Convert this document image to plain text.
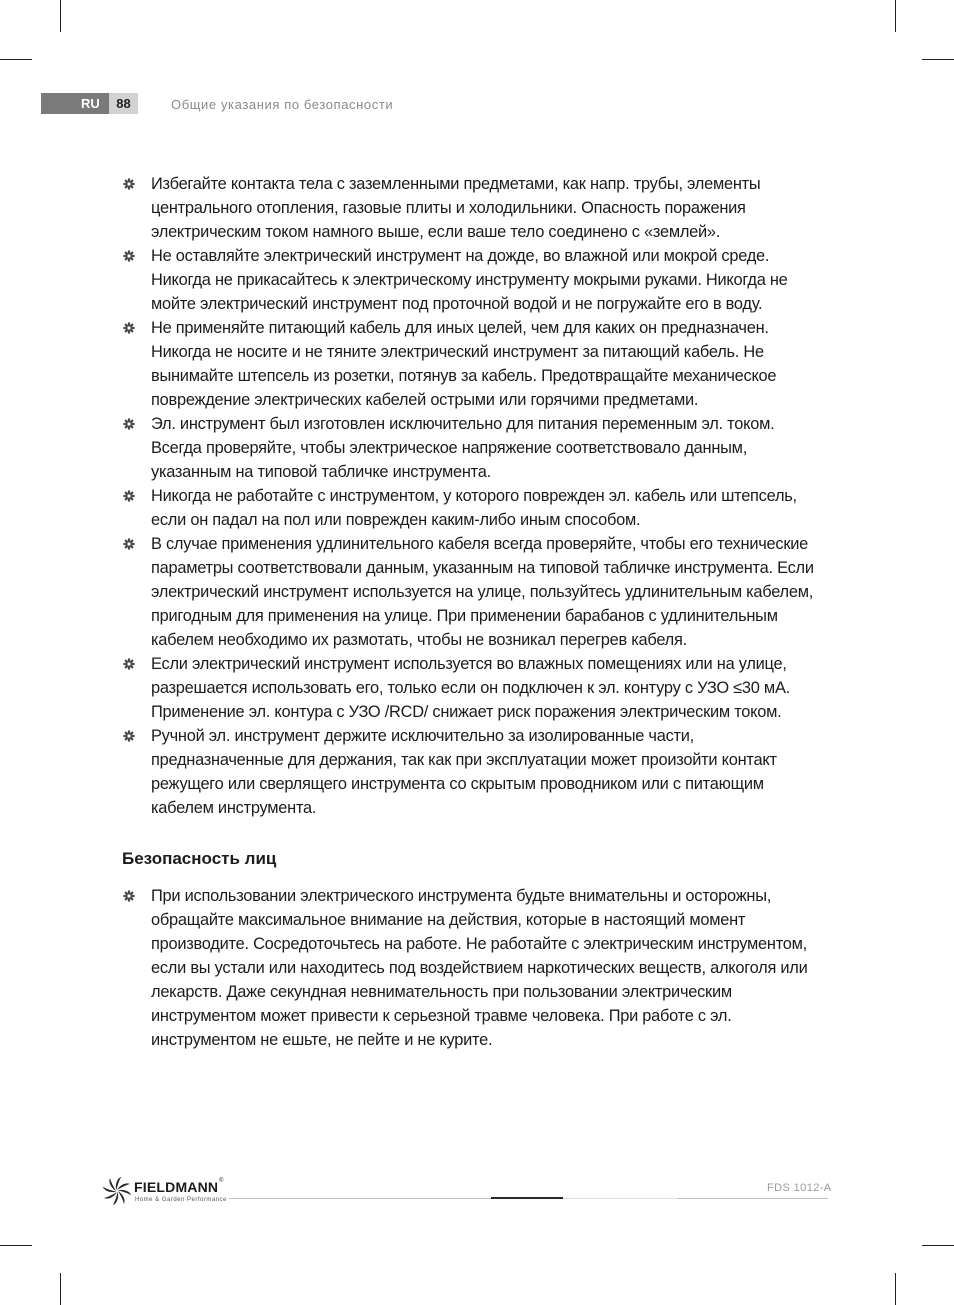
RU	88	Общие указания по безопасности
Избегайте контакта тела с заземленными предметами, как напр. трубы, элементы центрального отопления, газовые плиты и холодильники. Опасность поражения электрическим током намного выше, если ваше тело соединено с «землей».
Не оставляйте электрический инструмент на дожде, во влажной или мокрой среде. Никогда не прикасайтесь к электрическому инструменту мокрыми руками. Никогда не мойте электрический инструмент под проточной водой и не погружайте его в воду.
Не применяйте питающий кабель для иных целей, чем для каких он предназначен. Никогда не носите и не тяните электрический инструмент за питающий кабель. Не вынимайте штепсель из розетки, потянув за кабель. Предотвращайте механическое повреждение электрических кабелей острыми или горячими предметами.
Эл. инструмент был изготовлен исключительно для питания переменным эл. током. Всегда проверяйте, чтобы электрическое напряжение соответствовало данным, указанным на типовой табличке инструмента.
Никогда не работайте с инструментом, у которого поврежден эл. кабель или штепсель, если он падал на пол или поврежден каким-либо иным способом.
В случае применения удлинительного кабеля всегда проверяйте, чтобы его технические параметры соответствовали данным, указанным на типовой табличке инструмента. Если электрический инструмент используется на улице, пользуйтесь удлинительным кабелем, пригодным для применения на улице. При применении барабанов с удлинительным кабелем необходимо их размотать, чтобы не возникал перегрев кабеля.
Если электрический инструмент используется во влажных помещениях или на улице, разрешается использовать его, только если он подключен к эл. контуру с УЗО ≤30 мА. Применение эл. контура с УЗО /RCD/ снижает риск поражения электрическим током.
Ручной эл. инструмент держите исключительно за изолированные части, предназначенные для держания, так как при эксплуатации может произойти контакт режущего или сверлящего инструмента со скрытым проводником или с питающим кабелем инструмента.
Безопасность лиц
При использовании электрического инструмента будьте внимательны и осторожны, обращайте максимальное внимание на действия, которые в настоящий момент производите. Сосредоточьтесь на работе. Не работайте с электрическим инструментом, если вы устали или находитесь под воздействием наркотических веществ, алкоголя или лекарств. Даже секундная невнимательность при пользовании электрическим инструментом может привести к серьезной травме человека. При работе с эл. инструментом не ешьте, не пейте и не курите.
FIELDMANN ®
Home & Garden Performance
FDS 1012-A
